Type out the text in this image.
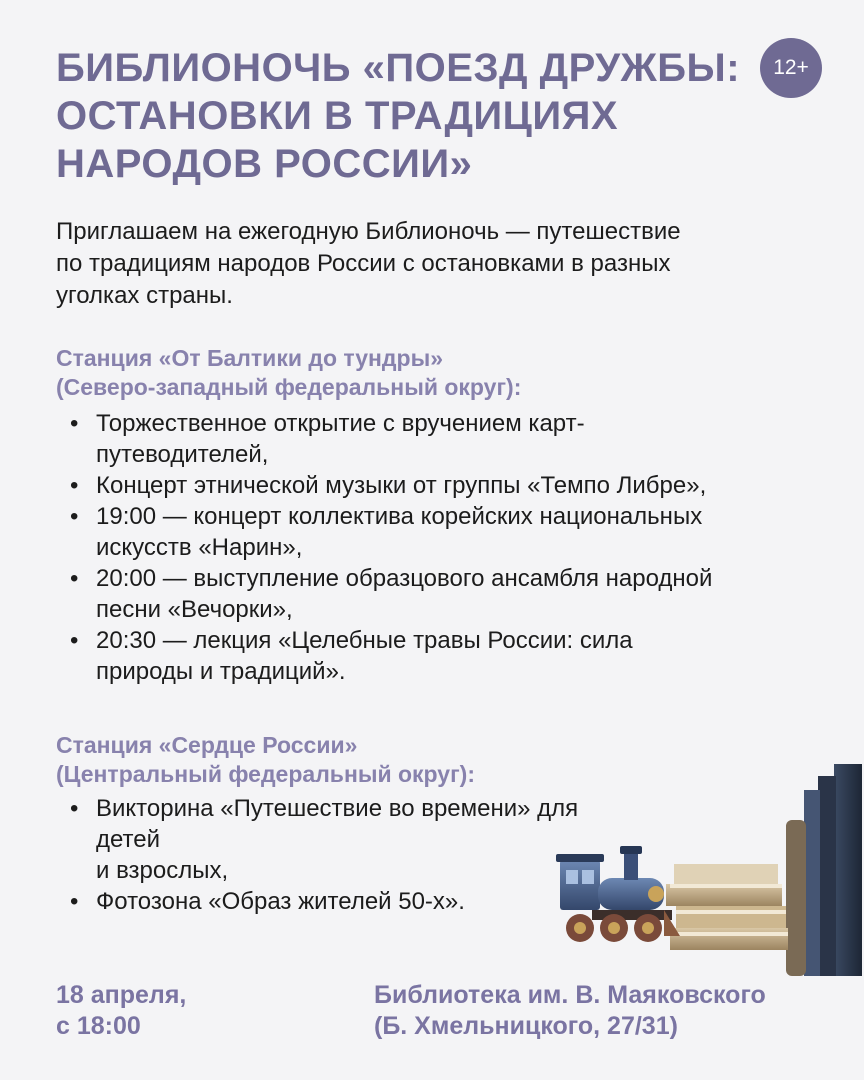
БИБЛИОНОЧЬ «ПОЕЗД ДРУЖБЫ:
ОСТАНОВКИ В ТРАДИЦИЯХ
НАРОДОВ РОССИИ»
12+

Приглашаем на ежегодную Библионочь — путешествие
по традициям народов России с остановками в разных
уголках страны.

Станция «От Балтики до тундры»
(Северо-западный федеральный округ):
• Торжественное открытие с вручением карт-
путеводителей,
• Концерт этнической музыки от группы «Темпо Либре»,
• 19:00 — концерт коллектива корейских национальных
искусств «Нарин»,
• 20:00 — выступление образцового ансамбля народной
песни «Вечорки»,
• 20:30 — лекция «Целебные травы России: сила
природы и традиций».
Станция «Сердце России»
(Центральный федеральный округ):
• Викторина «Путешествие во времени» для детей
и взрослых,
• Фотозона «Образ жителей 50-х».
18 апреля,
с 18:00
Библиотека им. В. Маяковского
(Б. Хмельницкого, 27/31)
